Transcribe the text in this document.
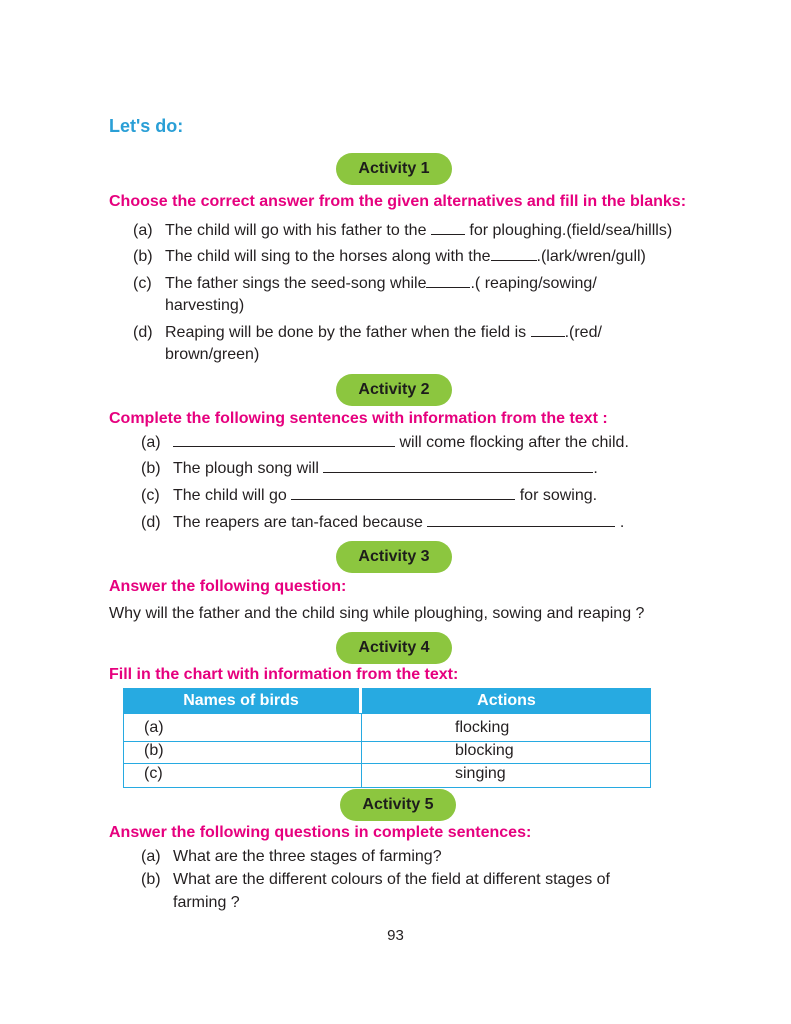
Let's do:
Activity 1
Choose the correct answer from the given alternatives and fill in the blanks:
(a) The child will go with his father to the	for ploughing.(field/sea/hillls)
(b) The child will sing to the horses along with the	.(lark/wren/gull)
(c) The father sings the seed-song while	.( reaping/sowing/
harvesting)
(d) Reaping will be done by the father when the field is .(red/
brown/green)
Activity 2
Complete the following sentences with information from the text :
(a)	will come flocking after the child.
(b) The plough song will	.
(c) The child will go	for sowing.
(d) The reapers are tan-faced because	.
Activity 3
Answer the following question:
Why will the father and the child sing while ploughing, sowing and reaping ?
Activity 4
Fill in the chart with information from the text:
Names of birds	Actions
(a)	flocking
(b)	blocking
(c)	singing
Activity 5
Answer the following questions in complete sentences:
(a) What are the three stages of farming?
(b) What are the different colours of the field at different stages of
farming ?
93
